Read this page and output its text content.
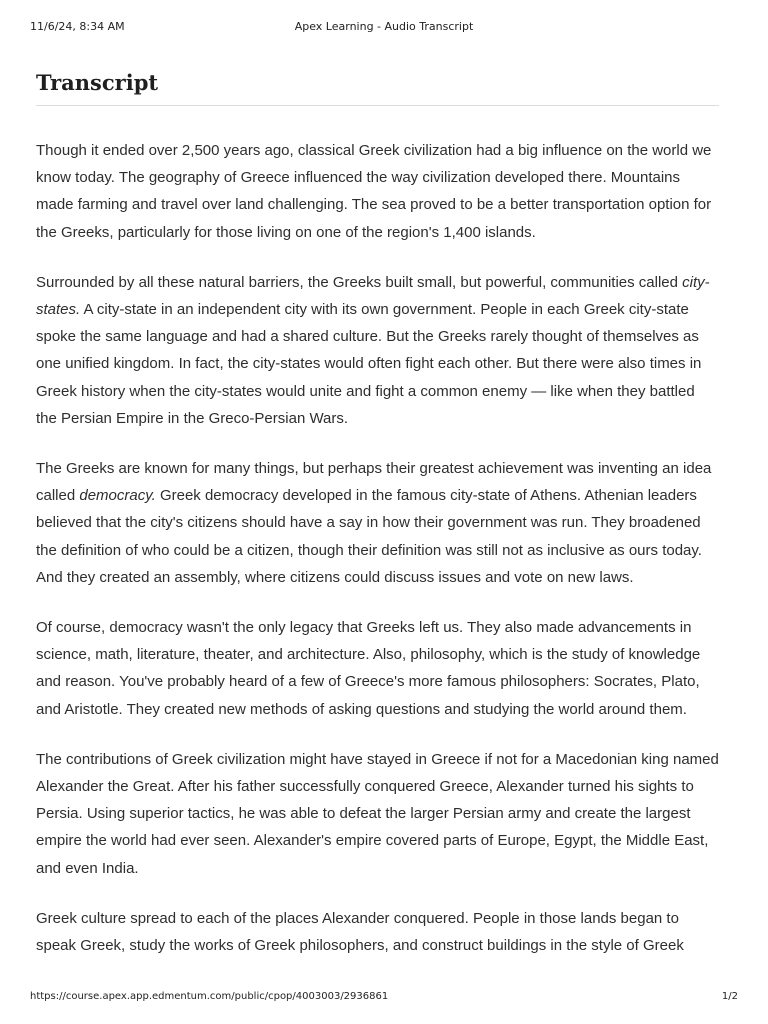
11/6/24, 8:34 AM	Apex Learning - Audio Transcript
Transcript

Though it ended over 2,500 years ago, classical Greek civilization had a big influence on the world we know today. The geography of Greece influenced the way civilization developed there. Mountains made farming and travel over land challenging. The sea proved to be a better transportation option for the Greeks, particularly for those living on one of the region's 1,400 islands.

Surrounded by all these natural barriers, the Greeks built small, but powerful, communities called city-states. A city-state in an independent city with its own government. People in each Greek city-state spoke the same language and had a shared culture. But the Greeks rarely thought of themselves as one unified kingdom. In fact, the city-states would often fight each other. But there were also times in Greek history when the city-states would unite and fight a common enemy — like when they battled the Persian Empire in the Greco-Persian Wars.

The Greeks are known for many things, but perhaps their greatest achievement was inventing an idea called democracy. Greek democracy developed in the famous city-state of Athens. Athenian leaders believed that the city's citizens should have a say in how their government was run. They broadened the definition of who could be a citizen, though their definition was still not as inclusive as ours today. And they created an assembly, where citizens could discuss issues and vote on new laws.

Of course, democracy wasn't the only legacy that Greeks left us. They also made advancements in science, math, literature, theater, and architecture. Also, philosophy, which is the study of knowledge and reason. You've probably heard of a few of Greece's more famous philosophers: Socrates, Plato, and Aristotle. They created new methods of asking questions and studying the world around them.

The contributions of Greek civilization might have stayed in Greece if not for a Macedonian king named Alexander the Great. After his father successfully conquered Greece, Alexander turned his sights to Persia. Using superior tactics, he was able to defeat the larger Persian army and create the largest empire the world had ever seen. Alexander's empire covered parts of Europe, Egypt, the Middle East, and even India.

Greek culture spread to each of the places Alexander conquered. People in those lands began to speak Greek, study the works of Greek philosophers, and construct buildings in the style of Greek

https://course.apex.app.edmentum.com/public/cpop/4003003/2936861	1/2
